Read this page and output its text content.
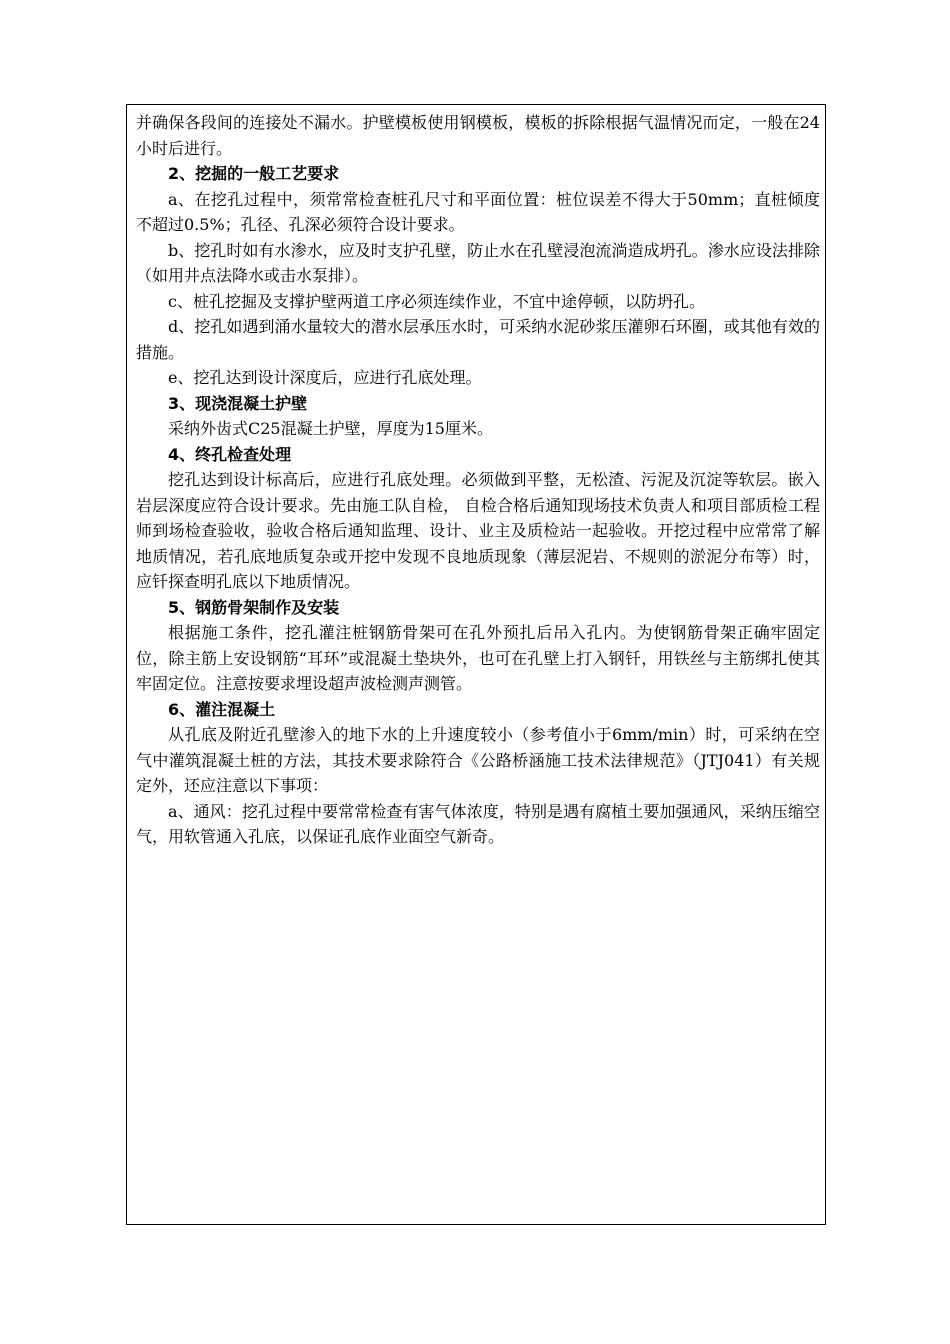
并确保各段间的连接处不漏水。护壁模板使用钢模板，模板的拆除根据气温情况而定，一般在24小时后进行。

2、挖掘的一般工艺要求

a、在挖孔过程中，须常常检查桩孔尺寸和平面位置：桩位误差不得大于50mm；直桩倾度不超过0.5%；孔径、孔深必须符合设计要求。

b、挖孔时如有水渗水，应及时支护孔壁，防止水在孔壁浸泡流淌造成坍孔。渗水应设法排除（如用井点法降水或击水泵排）。

c、桩孔挖掘及支撑护壁两道工序必须连续作业，不宜中途停顿，以防坍孔。

d、挖孔如遇到涌水量较大的潜水层承压水时，可采纳水泥砂浆压灌卵石环圈，或其他有效的措施。

e、挖孔达到设计深度后，应进行孔底处理。

3、现浇混凝土护壁

采纳外齿式C25混凝土护壁，厚度为15厘米。

4、终孔检查处理

挖孔达到设计标高后，应进行孔底处理。必须做到平整，无松渣、污泥及沉淀等软层。嵌入岩层深度应符合设计要求。先由施工队自检， 自检合格后通知现场技术负责人和项目部质检工程师到场检查验收，验收合格后通知监理、设计、业主及质检站一起验收。开挖过程中应常常了解地质情况，若孔底地质复杂或开挖中发现不良地质现象（薄层泥岩、不规则的淤泥分布等）时，应钎探查明孔底以下地质情况。

5、钢筋骨架制作及安装

根据施工条件，挖孔灌注桩钢筋骨架可在孔外预扎后吊入孔内。为使钢筋骨架正确牢固定位，除主筋上安设钢筋“耳环”或混凝土垫块外，也可在孔壁上打入钢钎，用铁丝与主筋绑扎使其牢固定位。注意按要求埋设超声波检测声测管。

6、灌注混凝土

从孔底及附近孔壁渗入的地下水的上升速度较小（参考值小于6mm/min）时，可采纳在空气中灌筑混凝土桩的方法，其技术要求除符合《公路桥涵施工技术法律规范》（JTJ041）有关规定外，还应注意以下事项：

a、通风：挖孔过程中要常常检查有害气体浓度，特别是遇有腐植土要加强通风，采纳压缩空气，用软管通入孔底，以保证孔底作业面空气新奇。
